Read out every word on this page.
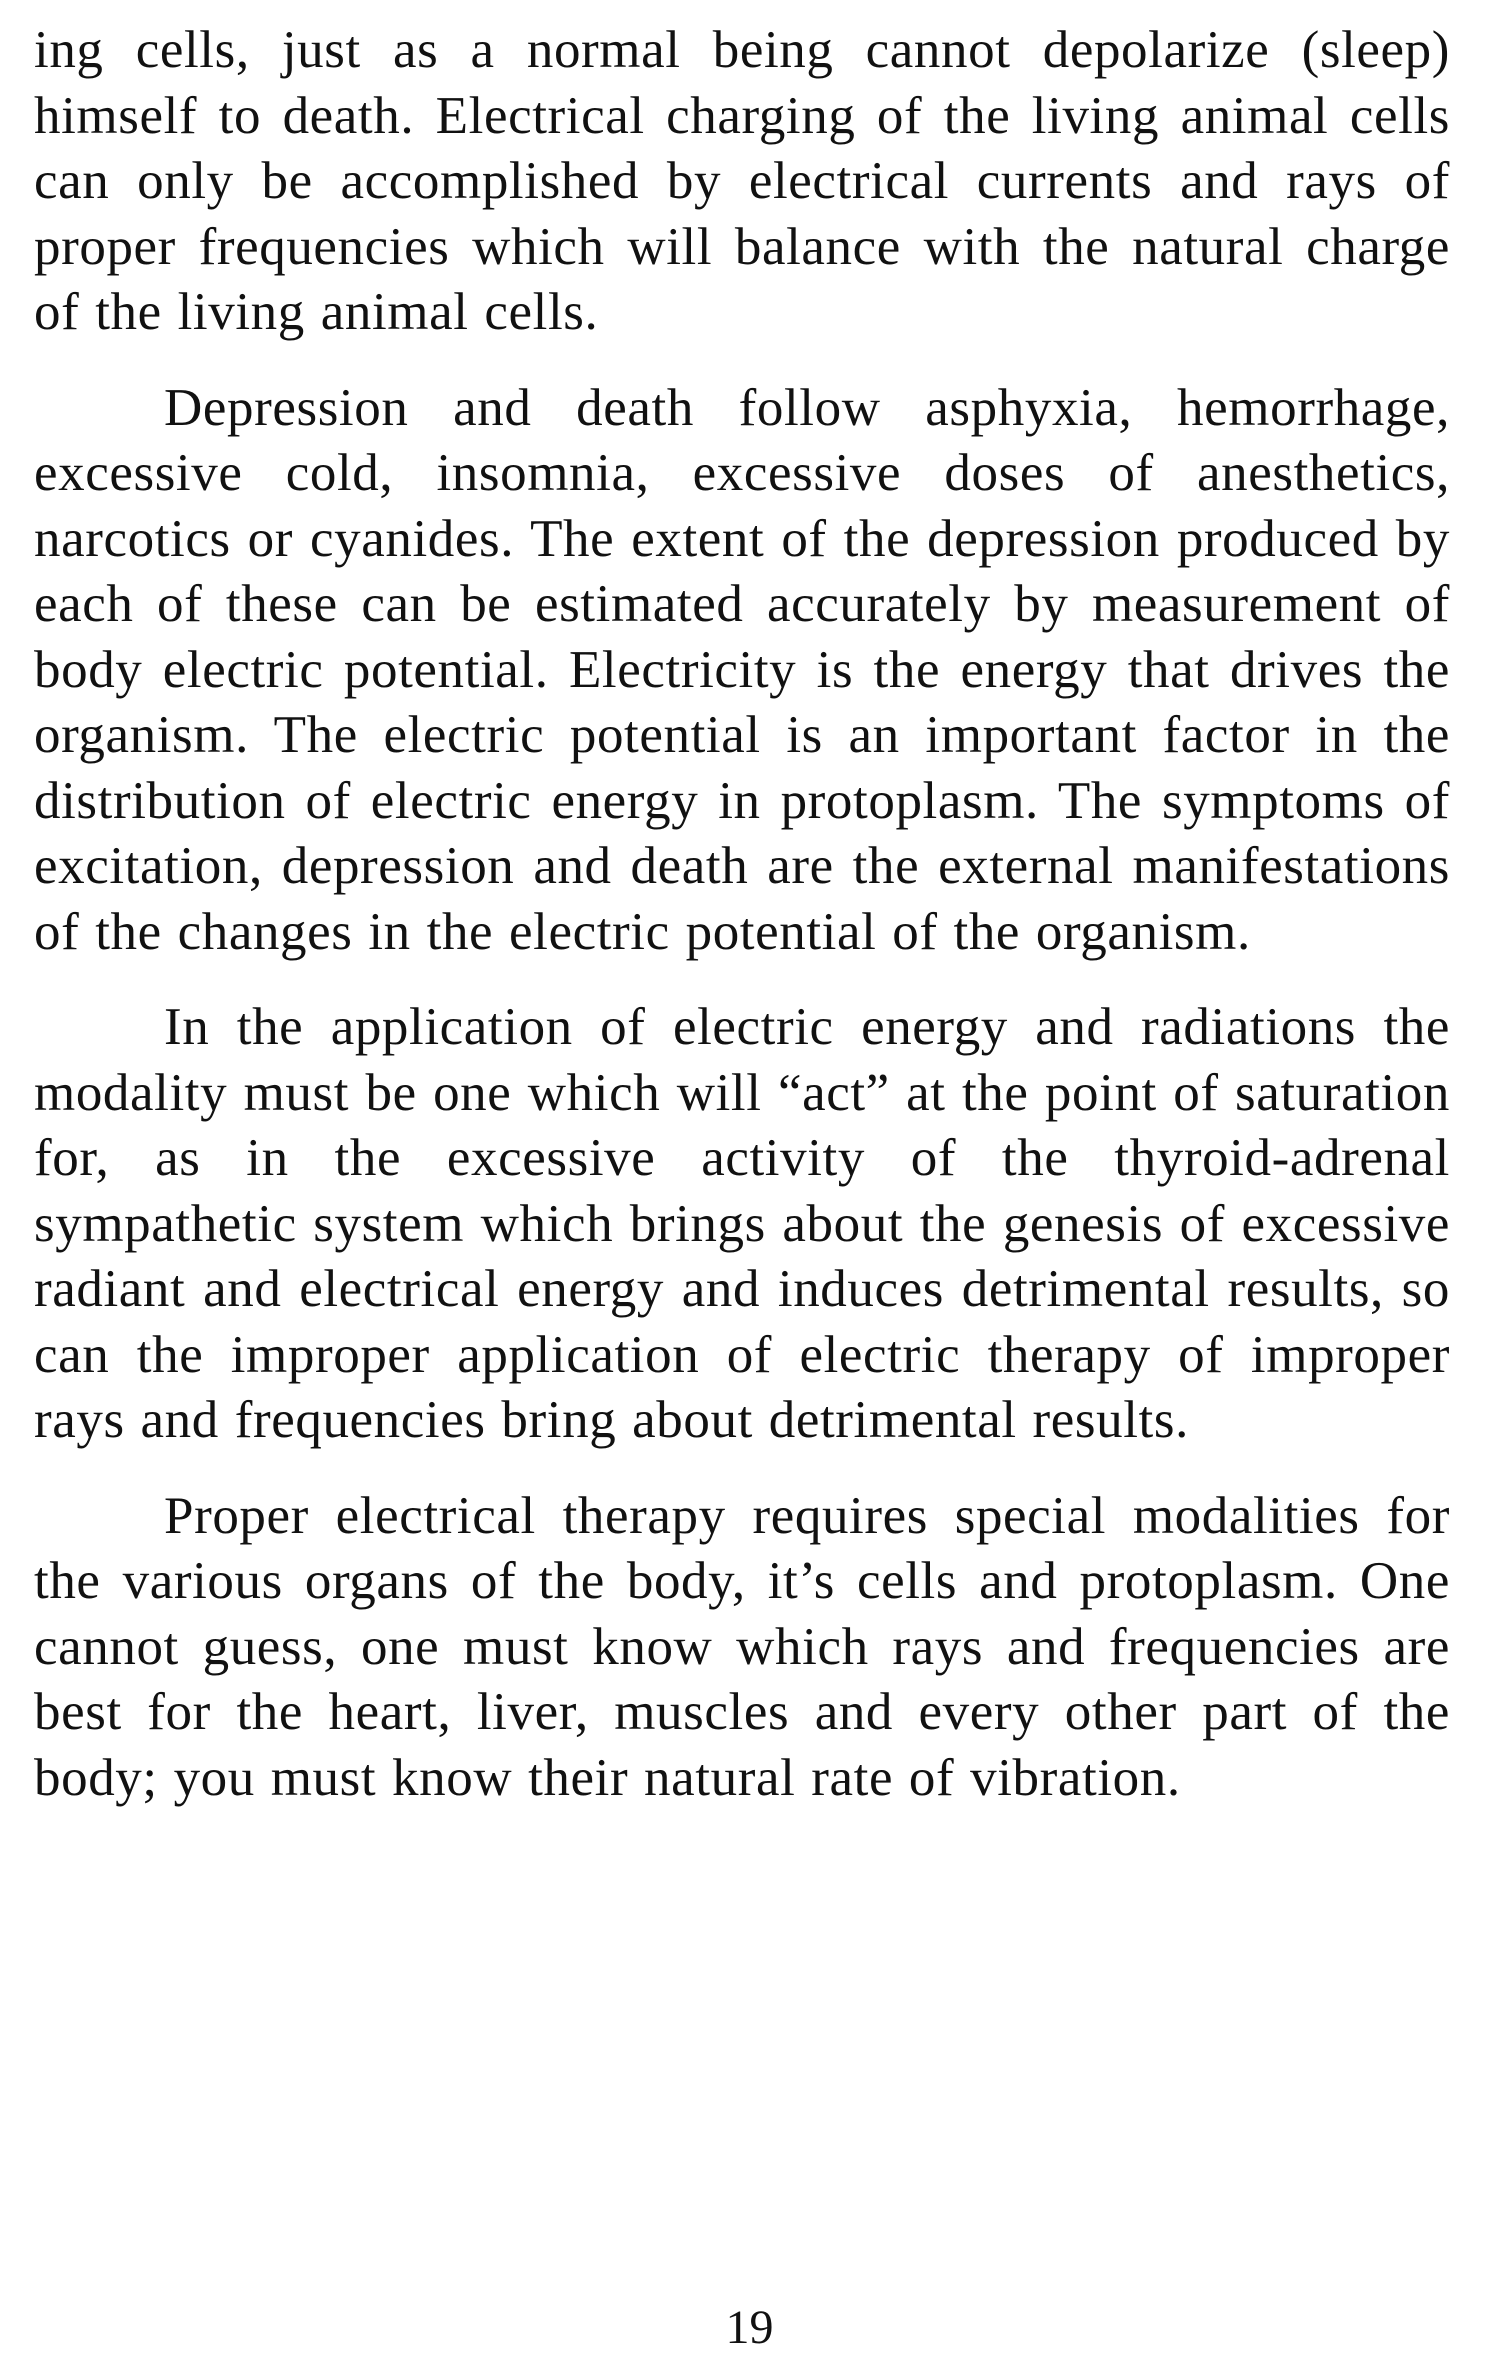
ing cells, just as a normal being cannot depolarize (sleep) himself to death. Electrical charging of the living animal cells can only be accomplished by electrical currents and rays of proper frequencies which will balance with the natural charge of the living animal cells.

Depression and death follow asphyxia, hemorrhage, excessive cold, insomnia, excessive doses of anesthetics, narcotics or cyanides. The extent of the depression produced by each of these can be estimated accurately by measurement of body electric potential. Electricity is the energy that drives the organism. The electric potential is an important factor in the distribution of electric energy in protoplasm. The symptoms of excitation, depression and death are the external manifestations of the changes in the electric potential of the organism.

In the application of electric energy and radiations the modality must be one which will “act” at the point of saturation for, as in the excessive activity of the thyroid-adrenal sympathetic system which brings about the genesis of excessive radiant and electrical energy and induces detrimental results, so can the improper application of electric therapy of improper rays and frequencies bring about detrimental results.

Proper electrical therapy requires special modalities for the various organs of the body, it’s cells and protoplasm. One cannot guess, one must know which rays and frequencies are best for the heart, liver, muscles and every other part of the body; you must know their natural rate of vibration.

19
